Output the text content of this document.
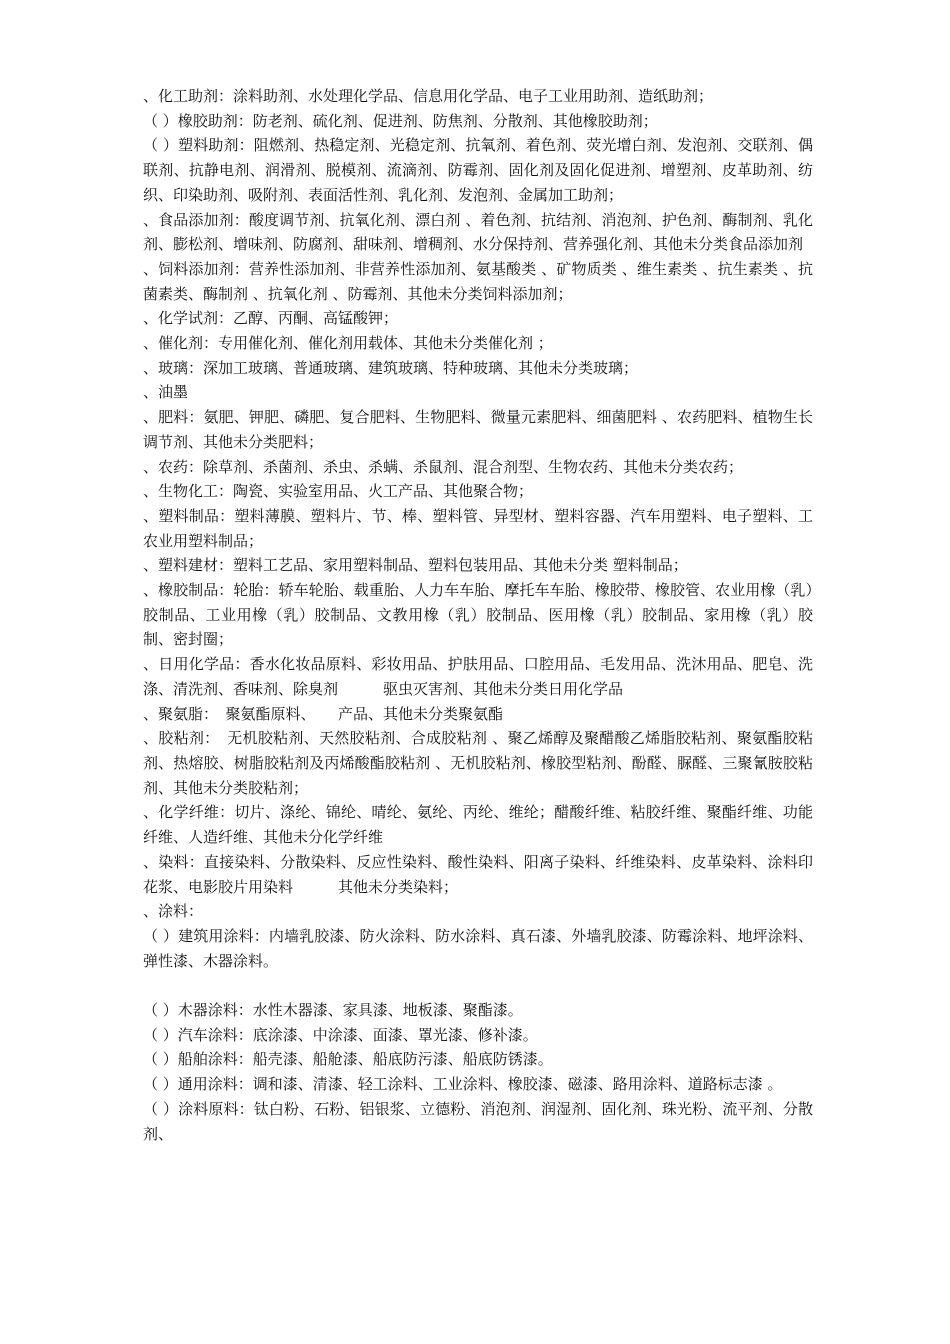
、化工助剂：涂料助剂、水处理化学品、信息用化学品、电子工业用助剂、造纸助剂；

（ ）橡胶助剂：防老剂、硫化剂、促进剂、防焦剂、分散剂、其他橡胶助剂；

（ ）塑料助剂：阻燃剂、热稳定剂、光稳定剂、抗氧剂、着色剂、荧光增白剂、发泡剂、交联剂、偶联剂、抗静电剂、润滑剂、脱模剂、流滴剂、防霉剂、固化剂及固化促进剂、增塑剂、皮革助剂、纺织、印染助剂、吸附剂、表面活性剂、乳化剂、发泡剂、金属加工助剂；

、食品添加剂：酸度调节剂、抗氧化剂、漂白剂 、着色剂、抗结剂、消泡剂、护色剂、酶制剂、乳化剂、膨松剂、增味剂、防腐剂、甜味剂、增稠剂、水分保持剂、营养强化剂、其他未分类食品添加剂

、饲料添加剂：营养性添加剂、非营养性添加剂、氨基酸类 、矿物质类 、维生素类 、抗生素类 、抗菌素类、酶制剂 、抗氧化剂 、防霉剂、其他未分类饲料添加剂；

、化学试剂：乙醇、丙酮、高锰酸钾；

、催化剂：专用催化剂、催化剂用载体、其他未分类催化剂 ；

、玻璃：深加工玻璃、普通玻璃、建筑玻璃、特种玻璃、其他未分类玻璃；

、油墨

、肥料：氨肥、钾肥、磷肥、复合肥料、生物肥料、微量元素肥料、细菌肥料 、农药肥料、植物生长调节剂、其他未分类肥料；

、农药：除草剂、杀菌剂、杀虫、杀螨、杀鼠剂、混合剂型、生物农药、其他未分类农药；

、生物化工：陶瓷、实验室用品、火工产品、其他聚合物；

、塑料制品：塑料薄膜、塑料片、节、棒、塑料管、异型材、塑料容器、汽车用塑料、电子塑料、工农业用塑料制品；

、塑料建材：塑料工艺品、家用塑料制品、塑料包装用品、其他未分类 塑料制品；

、橡胶制品：轮胎：轿车轮胎、载重胎、人力车车胎、摩托车车胎、橡胶带、橡胶管、农业用橡（乳）胶制品、工业用橡（乳）胶制品、文教用橡（乳）胶制品、医用橡（乳）胶制品、家用橡（乳）胶制、密封圈；

、日用化学品：香水化妆品原料、彩妆用品、护肤用品、口腔用品、毛发用品、洗沐用品、肥皂、洗涤、清洗剂、香味剂、除臭剂　　　驱虫灭害剂、其他未分类日用化学品

、聚氨脂：　聚氨酯原料、　　产品、其他未分类聚氨酯

、胶粘剂：　无机胶粘剂、天然胶粘剂、合成胶粘剂 、聚乙烯醇及聚醋酸乙烯脂胶粘剂、聚氨酯胶粘剂、热熔胶、树脂胶粘剂及丙烯酸酯胶粘剂 、无机胶粘剂、橡胶型粘剂、酚醛、脲醛、三聚氰胺胶粘剂、其他未分类胶粘剂；

、化学纤维：切片、涤纶、锦纶、晴纶、氨纶、丙纶、维纶；醋酸纤维、粘胶纤维、聚酯纤维、功能纤维、人造纤维、其他未分化学纤维

、染料：直接染料、分散染料、反应性染料、酸性染料、阳离子染料、纤维染料、皮革染料、涂料印花浆、电影胶片用染料　　　其他未分类染料；

、涂料：

（ ）建筑用涂料：内墙乳胶漆、防火涂料、防水涂料、真石漆、外墙乳胶漆、防霉涂料、地坪涂料、弹性漆、木器涂料。

（ ）木器涂料：水性木器漆、家具漆、地板漆、聚酯漆。

（ ）汽车涂料：底涂漆、中涂漆、面漆、罩光漆、修补漆。

（ ）船舶涂料：船壳漆、船舱漆、船底防污漆、船底防锈漆。

（ ）通用涂料：调和漆、清漆、轻工涂料、工业涂料、橡胶漆、磁漆、路用涂料、道路标志漆 。

（ ）涂料原料：钛白粉、石粉、铝银浆、立德粉、消泡剂、润湿剂、固化剂、珠光粉、流平剂、分散剂、
